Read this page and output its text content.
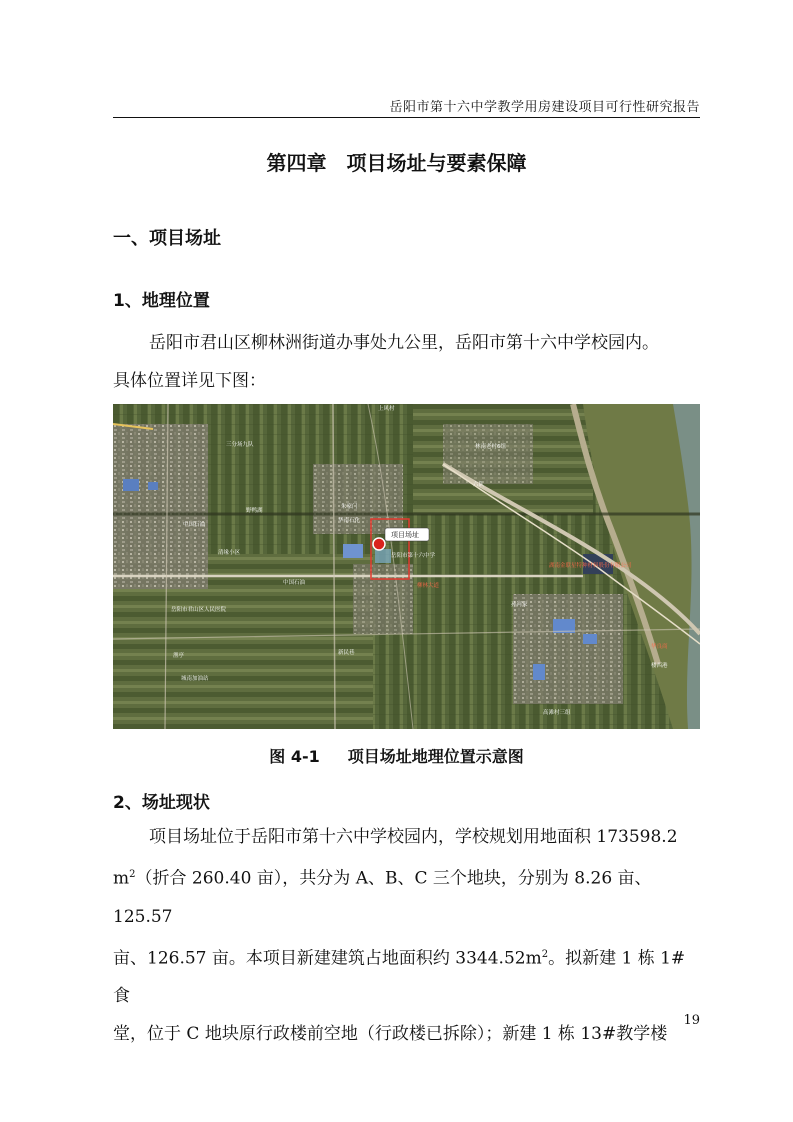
岳阳市第十六中学教学用房建设项目可行性研究报告
第四章　项目场址与要素保障
一、项目场址
1、地理位置
岳阳市君山区柳林洲街道办事处九公里，岳阳市第十六中学校园内。
具体位置详见下图：
项目场址
上风村
三分场九队	林南老村6组
野鸭湖
中国石油
朱家门
华南石化
清缘小区	岳阳市第十六中学
中国石油
六队
湖南金联星特种材料股份有限公司
孙河家
岳阳市君山区人民医院
渔亭
华良商
楼西港
城南加油站
高滩村三组
柳林大道
新民巷
图 4-1 项目场址地理位置示意图
2、场址现状
项目场址位于岳阳市第十六中学校园内，学校规划用地面积 173598.2
$m^2$（折合 260.40 亩），共分为 A、B、C 三个地块，分别为 8.26 亩、125.57
亩、126.57 亩。本项目新建建筑占地面积约 $3344.52m^2$。拟新建 1 栋 1#食
堂，位于 C 地块原行政楼前空地（行政楼已拆除）；新建 1 栋 13#教学楼
19
